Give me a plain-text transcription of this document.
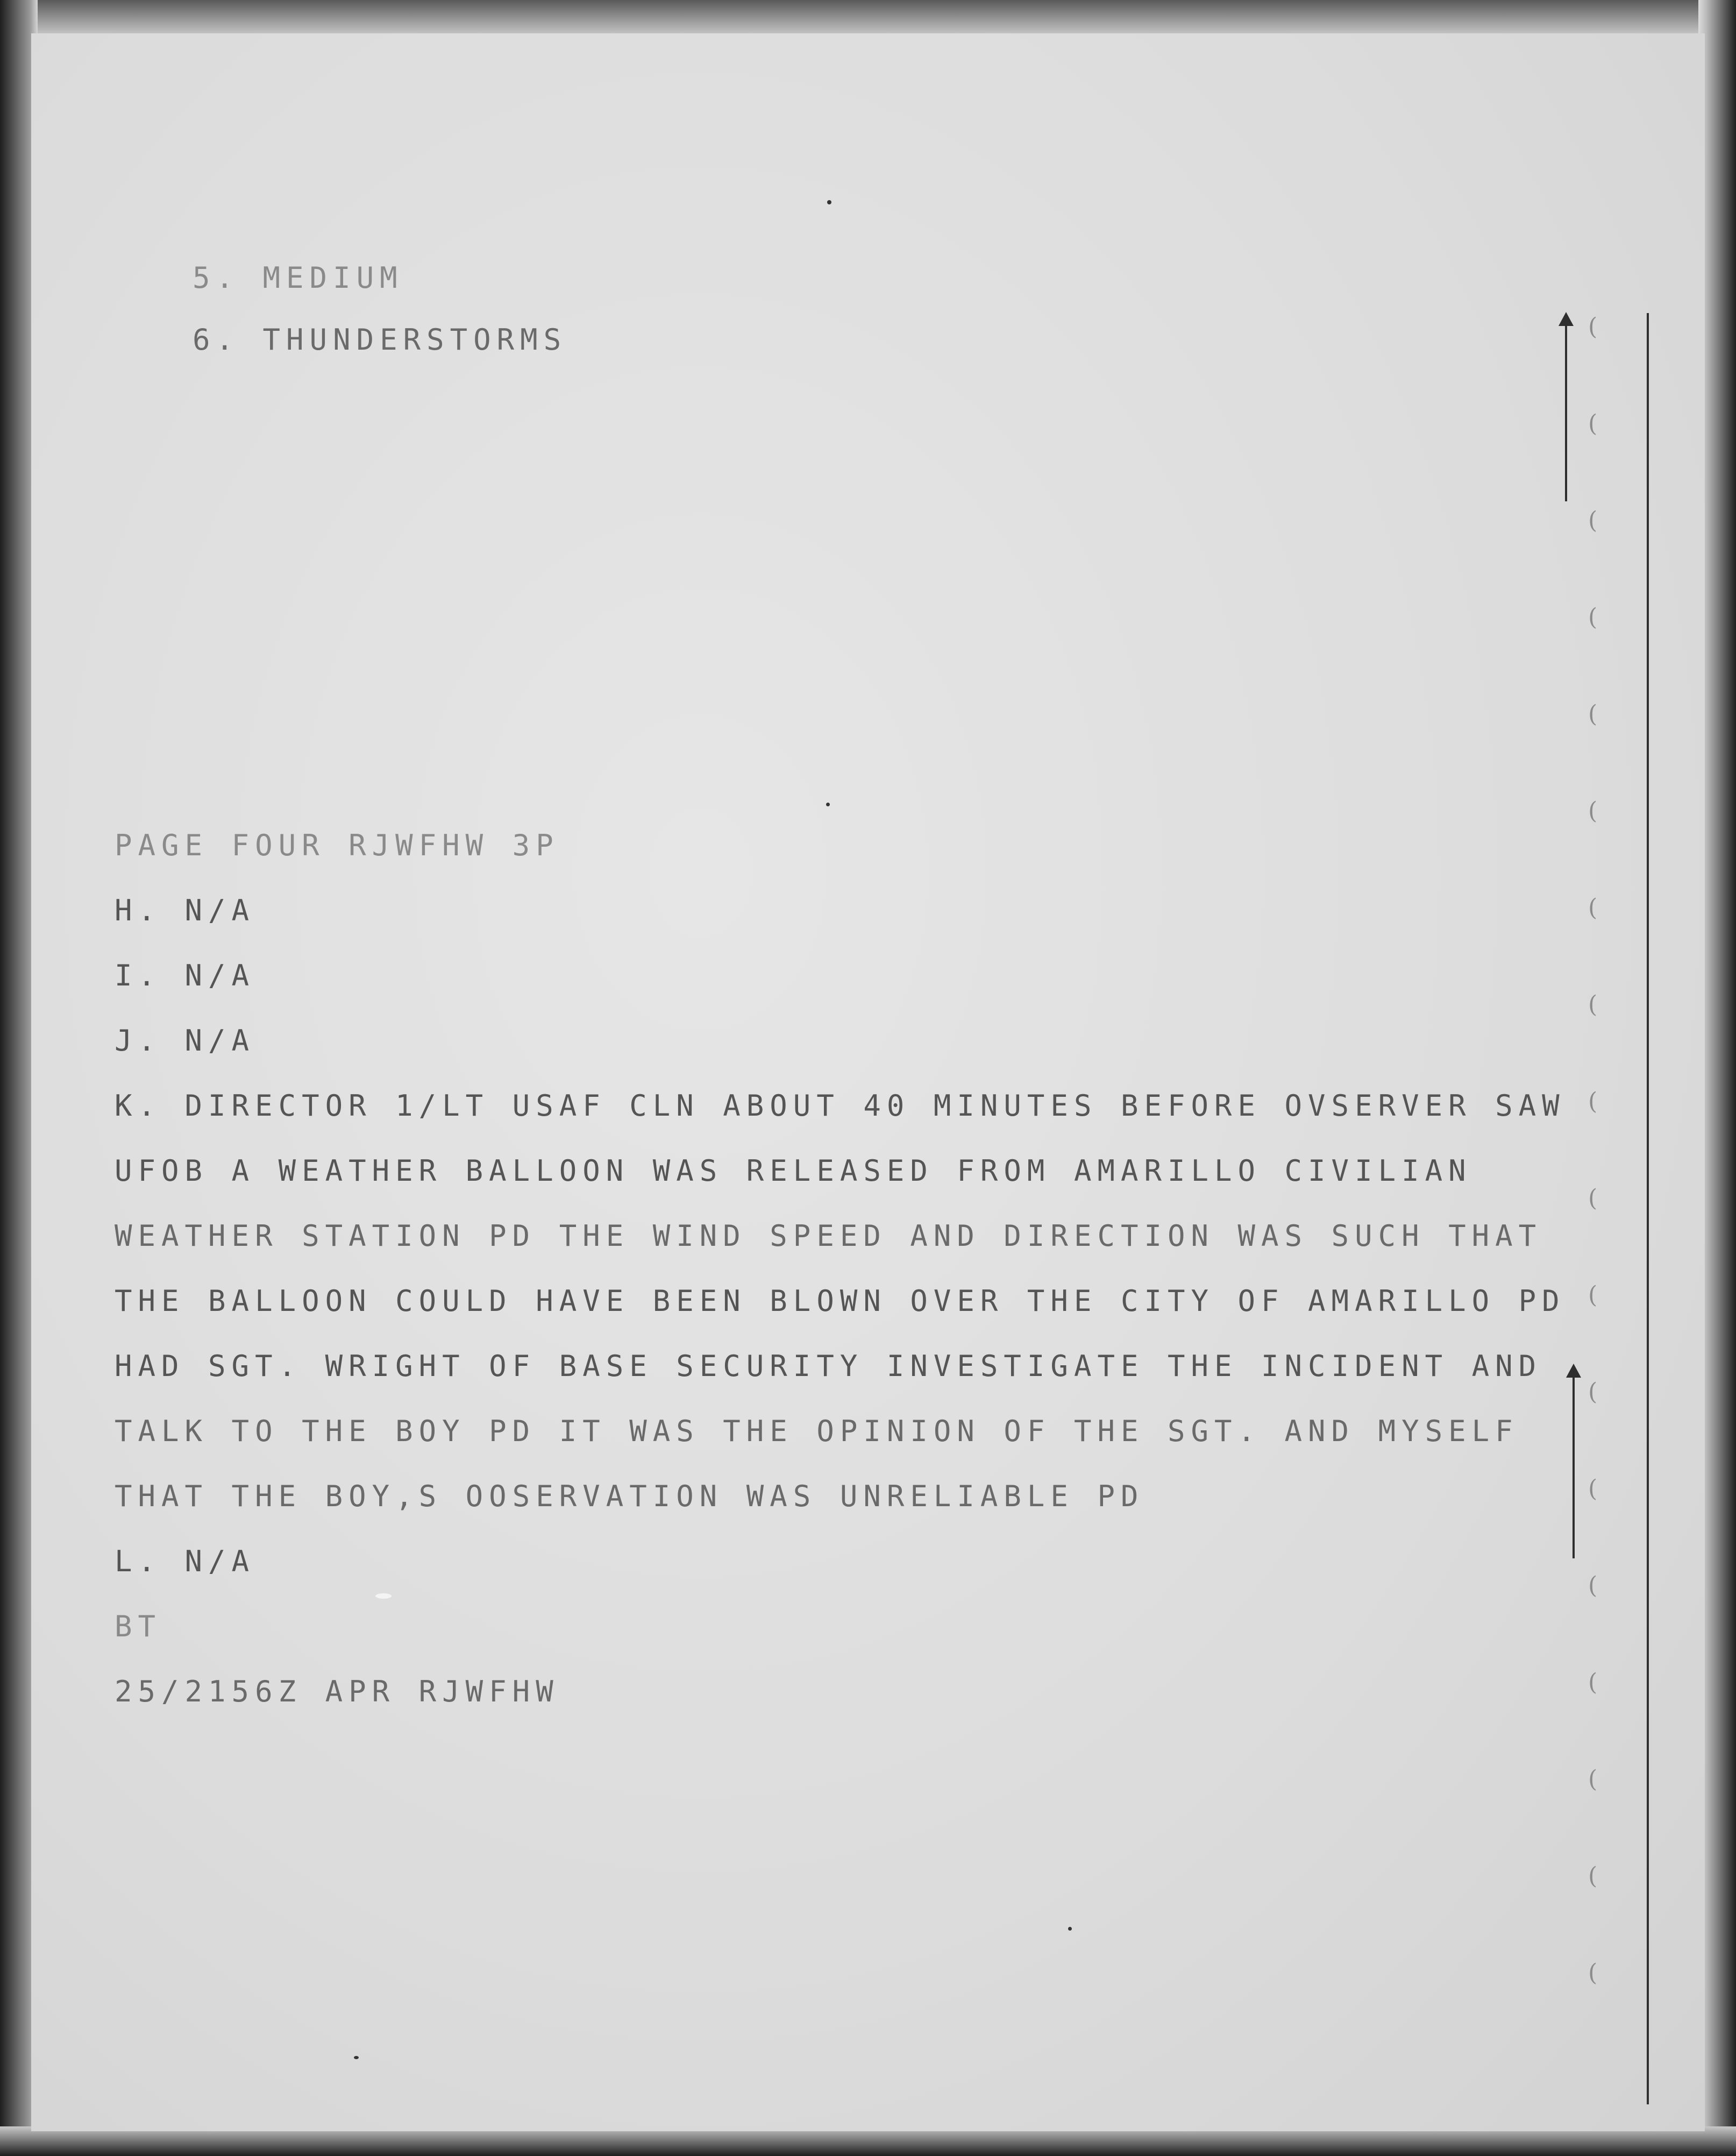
5. MEDIUM
6. THUNDERSTORMS
PAGE FOUR RJWFHW 3P
H. N/A
I. N/A
J. N/A
K. DIRECTOR 1/LT USAF CLN ABOUT 40 MINUTES BEFORE OVSERVER SAW
UFOB A WEATHER BALLOON WAS RELEASED FROM AMARILLO CIVILIAN
WEATHER STATION PD THE WIND SPEED AND DIRECTION WAS SUCH THAT
THE BALLOON COULD HAVE BEEN BLOWN OVER THE CITY OF AMARILLO PD
HAD SGT. WRIGHT OF BASE SECURITY INVESTIGATE THE INCIDENT AND
TALK TO THE BOY PD IT WAS THE OPINION OF THE SGT. AND MYSELF
THAT THE BOY,S OOSERVATION WAS UNRELIABLE PD
L. N/A
BT
25/2156Z APR RJWFHW
(
(
(
(
(
(
(
(
(
(
(
(
(
(
(
(
(
(
